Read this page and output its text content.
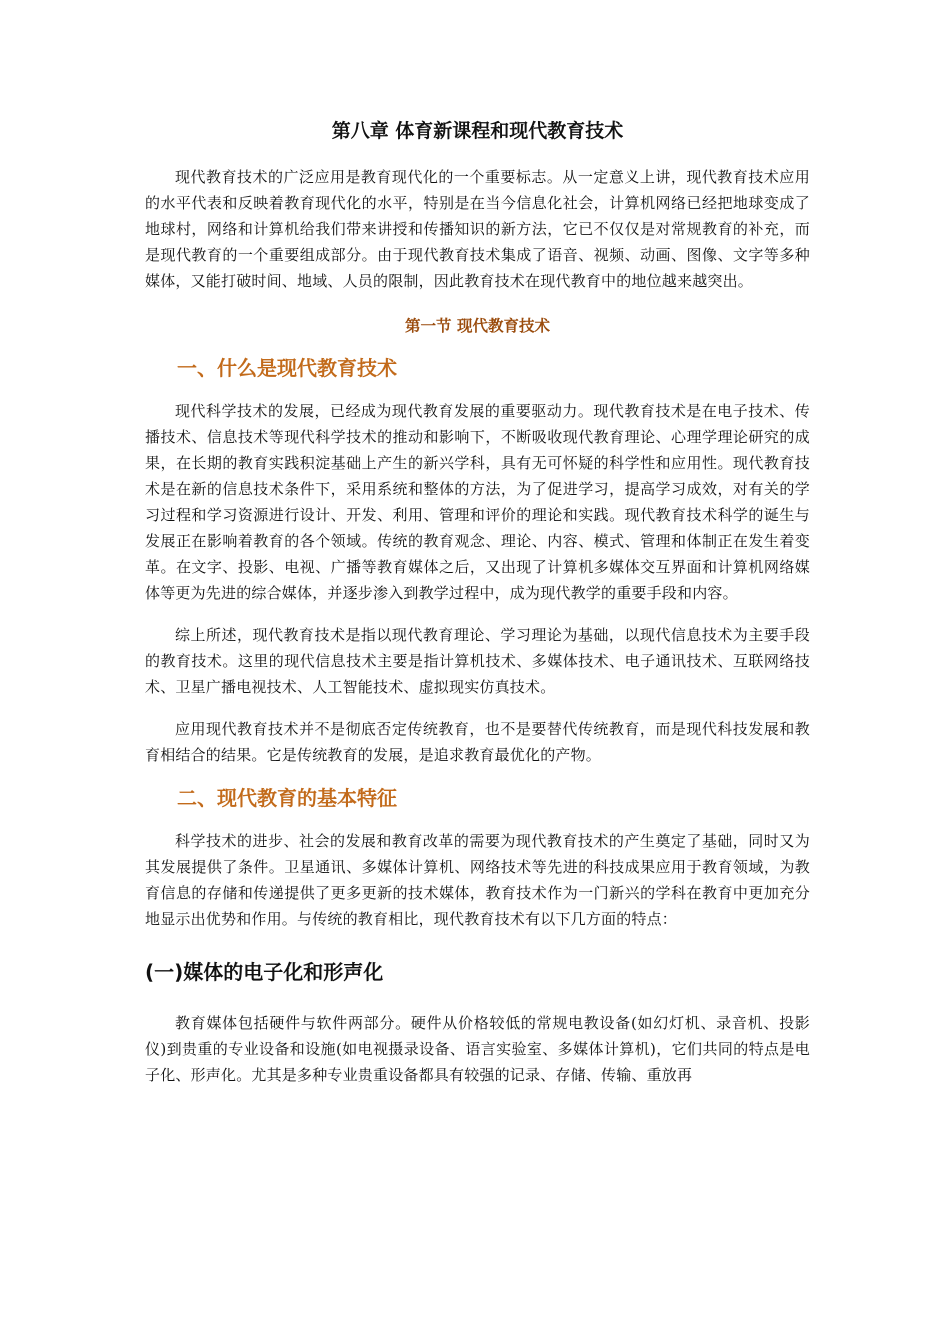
第八章 体育新课程和现代教育技术

现代教育技术的广泛应用是教育现代化的一个重要标志。从一定意义上讲，现代教育技术应用的水平代表和反映着教育现代化的水平，特别是在当今信息化社会，计算机网络已经把地球变成了地球村，网络和计算机给我们带来讲授和传播知识的新方法，它已不仅仅是对常规教育的补充，而是现代教育的一个重要组成部分。由于现代教育技术集成了语音、视频、动画、图像、文字等多种媒体，又能打破时间、地域、人员的限制，因此教育技术在现代教育中的地位越来越突出。

第一节 现代教育技术
一、什么是现代教育技术

现代科学技术的发展，已经成为现代教育发展的重要驱动力。现代教育技术是在电子技术、传播技术、信息技术等现代科学技术的推动和影响下，不断吸收现代教育理论、心理学理论研究的成果，在长期的教育实践积淀基础上产生的新兴学科，具有无可怀疑的科学性和应用性。现代教育技术是在新的信息技术条件下，采用系统和整体的方法，为了促进学习，提高学习成效，对有关的学习过程和学习资源进行设计、开发、利用、管理和评价的理论和实践。现代教育技术科学的诞生与发展正在影响着教育的各个领域。传统的教育观念、理论、内容、模式、管理和体制正在发生着变革。在文字、投影、电视、广播等教育媒体之后，又出现了计算机多媒体交互界面和计算机网络媒体等更为先进的综合媒体，并逐步渗入到教学过程中，成为现代教学的重要手段和内容。

综上所述，现代教育技术是指以现代教育理论、学习理论为基础，以现代信息技术为主要手段的教育技术。这里的现代信息技术主要是指计算机技术、多媒体技术、电子通讯技术、互联网络技术、卫星广播电视技术、人工智能技术、虚拟现实仿真技术。

应用现代教育技术并不是彻底否定传统教育，也不是要替代传统教育，而是现代科技发展和教育相结合的结果。它是传统教育的发展，是追求教育最优化的产物。

二、现代教育的基本特征

科学技术的进步、社会的发展和教育改革的需要为现代教育技术的产生奠定了基础，同时又为其发展提供了条件。卫星通讯、多媒体计算机、网络技术等先进的科技成果应用于教育领域，为教育信息的存储和传递提供了更多更新的技术媒体，教育技术作为一门新兴的学科在教育中更加充分地显示出优势和作用。与传统的教育相比，现代教育技术有以下几方面的特点：

(一)媒体的电子化和形声化

教育媒体包括硬件与软件两部分。硬件从价格较低的常规电教设备(如幻灯机、录音机、投影仪)到贵重的专业设备和设施(如电视摄录设备、语言实验室、多媒体计算机)，它们共同的特点是电子化、形声化。尤其是多种专业贵重设备都具有较强的记录、存储、传输、重放再
